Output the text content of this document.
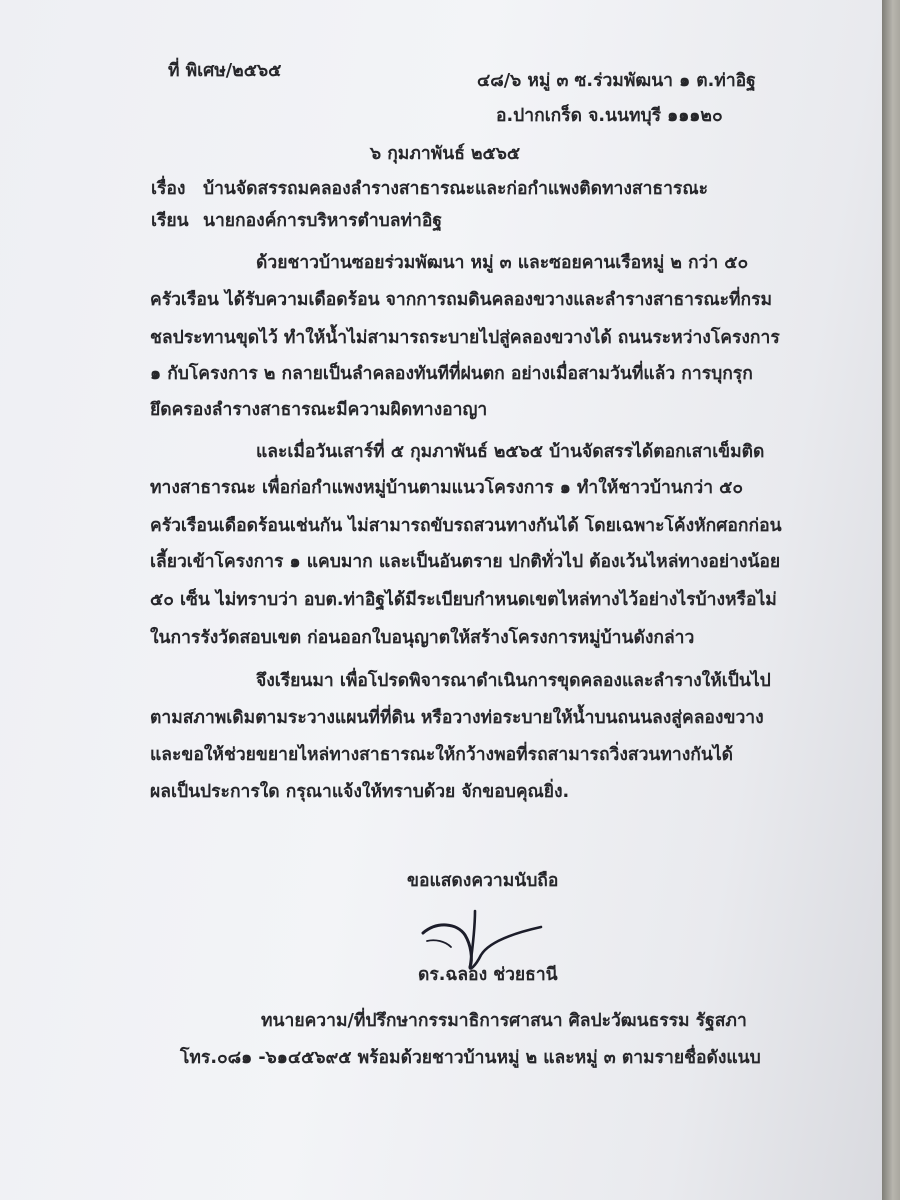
ที่ พิเศษ/๒๕๖๕	๔๘/๖ หมู่ ๓ ซ.ร่วมพัฒนา ๑ ต.ท่าอิฐ
อ.ปากเกร็ด จ.นนทบุรี ๑๑๑๒๐
๖ กุมภาพันธ์ ๒๕๖๕
เรื่อง บ้านจัดสรรถมคลองลำรางสาธารณะและก่อกำแพงติดทางสาธารณะ
เรียน นายกองค์การบริหารตำบลท่าอิฐ
ด้วยชาวบ้านซอยร่วมพัฒนา หมู่ ๓ และซอยคานเรือหมู่ ๒ กว่า ๕๐
ครัวเรือน ได้รับความเดือดร้อน จากการถมดินคลองขวางและลำรางสาธารณะที่กรม
ชลประทานขุดไว้ ทำให้น้ำไม่สามารถระบายไปสู่คลองขวางได้ ถนนระหว่างโครงการ
๑ กับโครงการ ๒ กลายเป็นลำคลองทันทีที่ฝนตก อย่างเมื่อสามวันที่แล้ว การบุกรุก
ยึดครองลำรางสาธารณะมีความผิดทางอาญา
และเมื่อวันเสาร์ที่ ๕ กุมภาพันธ์ ๒๕๖๕ บ้านจัดสรรได้ตอกเสาเข็มติด
ทางสาธารณะ เพื่อก่อกำแพงหมู่บ้านตามแนวโครงการ ๑ ทำให้ชาวบ้านกว่า ๕๐
ครัวเรือนเดือดร้อนเช่นกัน ไม่สามารถขับรถสวนทางกันได้ โดยเฉพาะโค้งหักศอกก่อน
เลี้ยวเข้าโครงการ ๑ แคบมาก และเป็นอันตราย ปกติทั่วไป ต้องเว้นไหล่ทางอย่างน้อย
๕๐ เซ็น ไม่ทราบว่า อบต.ท่าอิฐได้มีระเบียบกำหนดเขตไหล่ทางไว้อย่างไรบ้างหรือไม่
ในการรังวัดสอบเขต ก่อนออกใบอนุญาตให้สร้างโครงการหมู่บ้านดังกล่าว
จึงเรียนมา เพื่อโปรดพิจารณาดำเนินการขุดคลองและลำรางให้เป็นไป
ตามสภาพเดิมตามระวางแผนที่ที่ดิน หรือวางท่อระบายให้น้ำบนถนนลงสู่คลองขวาง
และขอให้ช่วยขยายไหล่ทางสาธารณะให้กว้างพอที่รถสามารถวิ่งสวนทางกันได้
ผลเป็นประการใด กรุณาแจ้งให้ทราบด้วย จักขอบคุณยิ่ง.
ขอแสดงความนับถือ
ดร.ฉลอง ช่วยธานี
ทนายความ/ที่ปรึกษากรรมาธิการศาสนา ศิลปะวัฒนธรรม รัฐสภา
โทร.๐๘๑ -๖๑๔๕๖๙๕ พร้อมด้วยชาวบ้านหมู่ ๒ และหมู่ ๓ ตามรายชื่อดังแนบ
